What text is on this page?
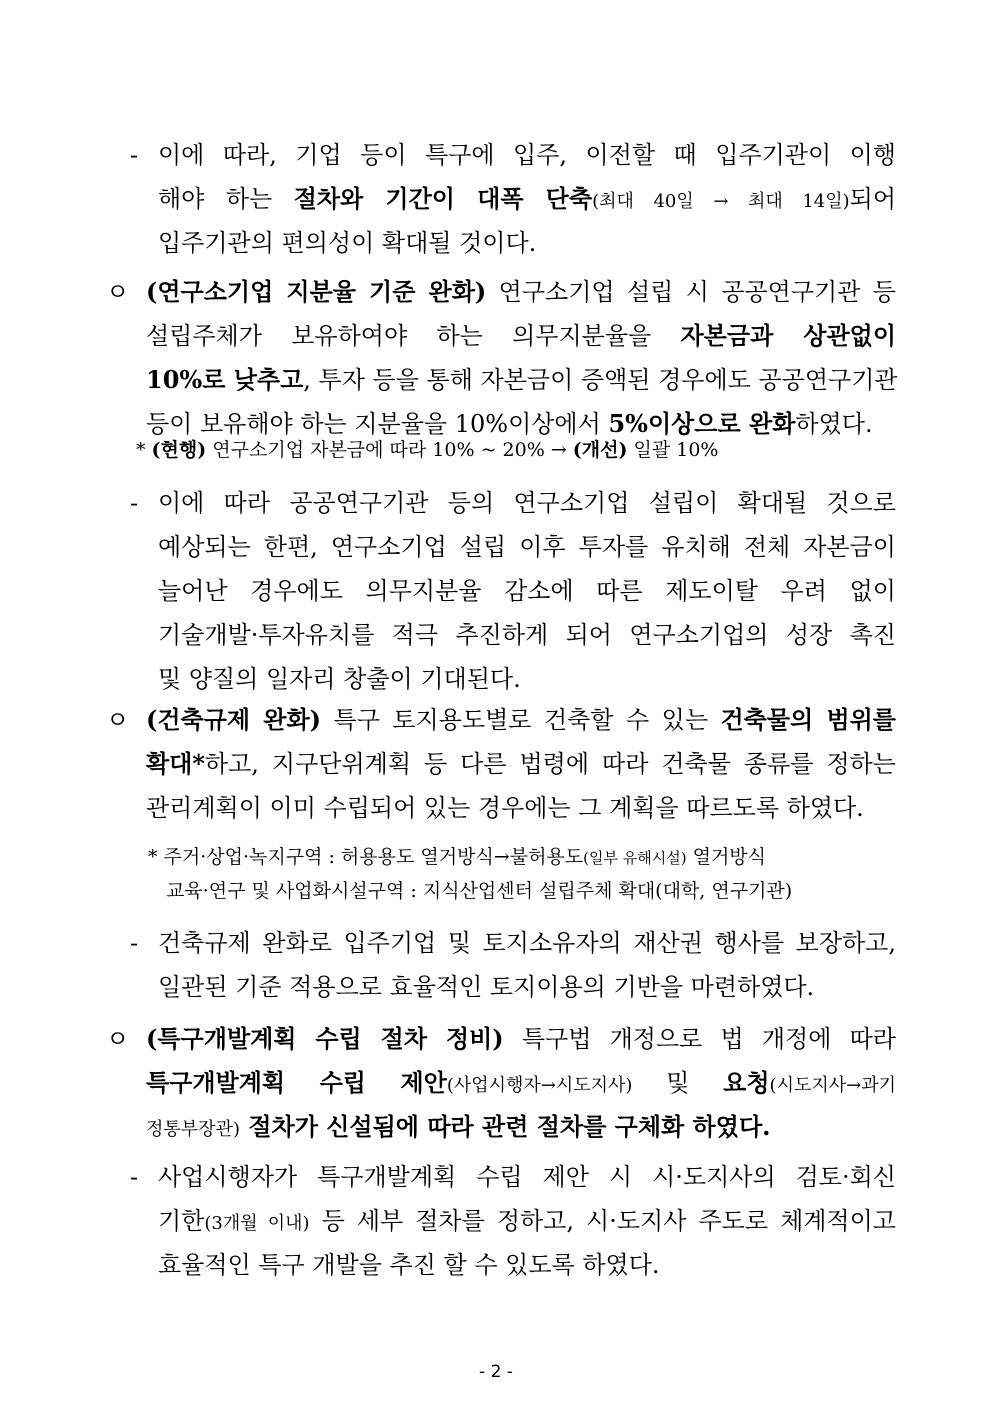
- 이에 따라, 기업 등이 특구에 입주, 이전할 때 입주기관이 이행
해야 하는 절차와 기간이 대폭 단축(최대 40일 → 최대 14일)되어
입주기관의 편의성이 확대될 것이다.
ㅇ (연구소기업 지분율 기준 완화) 연구소기업 설립 시 공공연구기관 등
설립주체가 보유하여야 하는 의무지분율을 자본금과 상관없이
10%로 낮추고, 투자 등을 통해 자본금이 증액된 경우에도 공공연구기관
등이 보유해야 하는 지분율을 10%이상에서 5%이상으로 완화하였다.
* (현행) 연구소기업 자본금에 따라 10% ~ 20% → (개선) 일괄 10%
- 이에 따라 공공연구기관 등의 연구소기업 설립이 확대될 것으로
예상되는 한편, 연구소기업 설립 이후 투자를 유치해 전체 자본금이
늘어난 경우에도 의무지분율 감소에 따른 제도이탈 우려 없이
기술개발·투자유치를 적극 추진하게 되어 연구소기업의 성장 촉진
및 양질의 일자리 창출이 기대된다.
ㅇ (건축규제 완화) 특구 토지용도별로 건축할 수 있는 건축물의 범위를
확대*하고, 지구단위계획 등 다른 법령에 따라 건축물 종류를 정하는
관리계획이 이미 수립되어 있는 경우에는 그 계획을 따르도록 하였다.
* 주거·상업·녹지구역 : 허용용도 열거방식→불허용도(일부 유해시설) 열거방식
교육·연구 및 사업화시설구역 : 지식산업센터 설립주체 확대(대학, 연구기관)
- 건축규제 완화로 입주기업 및 토지소유자의 재산권 행사를 보장하고,
일관된 기준 적용으로 효율적인 토지이용의 기반을 마련하였다.
ㅇ (특구개발계획 수립 절차 정비) 특구법 개정으로 법 개정에 따라
특구개발계획 수립 제안(사업시행자→시도지사) 및 요청(시도지사→과기
정통부장관) 절차가 신설됨에 따라 관련 절차를 구체화 하였다.
- 사업시행자가 특구개발계획 수립 제안 시 시·도지사의 검토·회신
기한(3개월 이내) 등 세부 절차를 정하고, 시·도지사 주도로 체계적이고
효율적인 특구 개발을 추진 할 수 있도록 하였다.
- 2 -
